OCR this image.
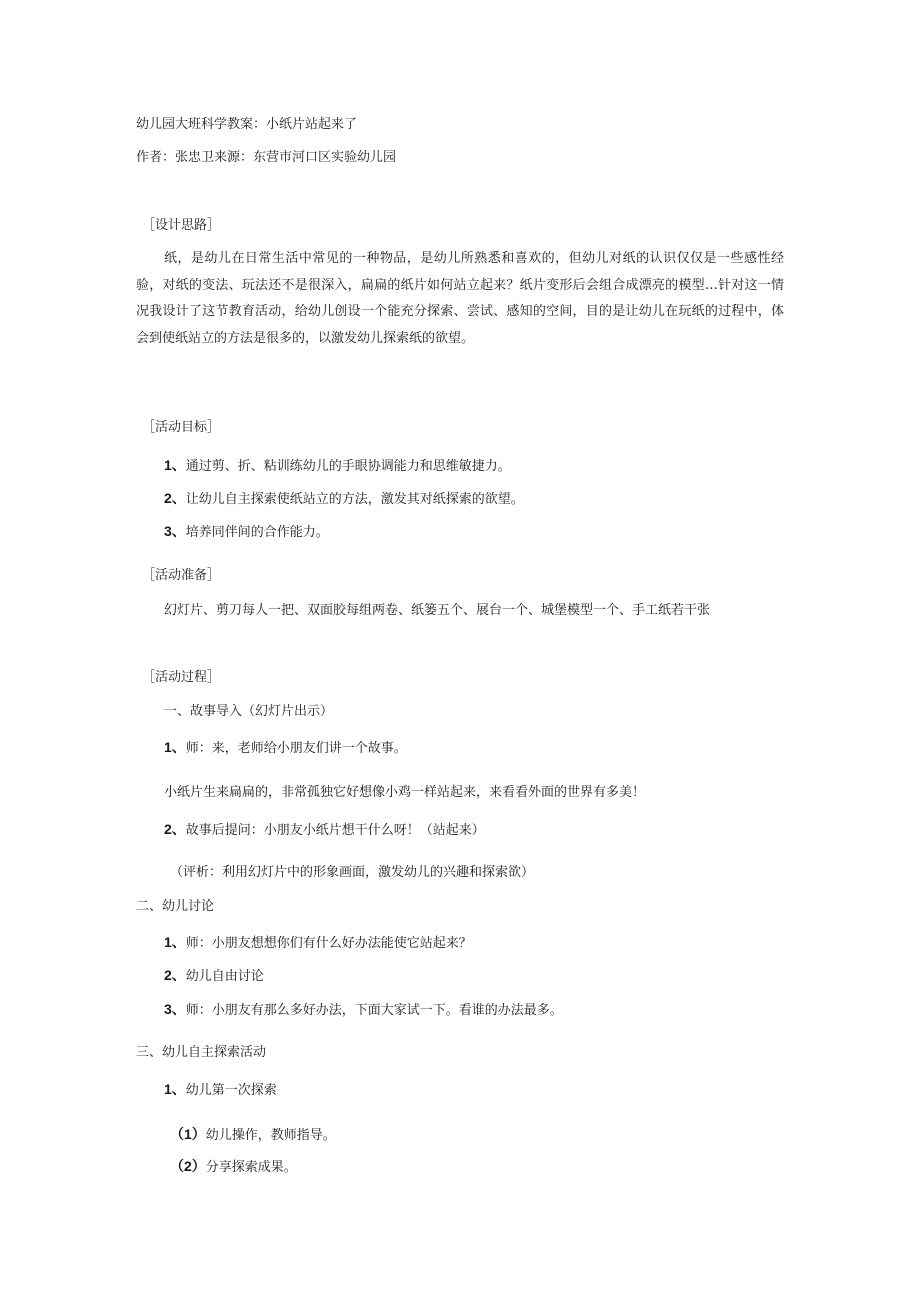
幼儿园大班科学教案：小纸片站起来了
作者：张忠卫来源：东营市河口区实验幼儿园
［设计思路］
纸，是幼儿在日常生活中常见的一种物品，是幼儿所熟悉和喜欢的，但幼儿对纸的认识仅仅是一些感性经验，对纸的变法、玩法还不是很深入，扁扁的纸片如何站立起来？纸片变形后会组合成漂亮的模型…针对这一情况我设计了这节教育活动，给幼儿创设一个能充分探索、尝试、感知的空间，目的是让幼儿在玩纸的过程中，体会到使纸站立的方法是很多的，以激发幼儿探索纸的欲望。
［活动目标］
1、通过剪、折、粘训练幼儿的手眼协调能力和思维敏捷力。
2、让幼儿自主探索使纸站立的方法，激发其对纸探索的欲望。
3、培养同伴间的合作能力。
［活动准备］
幻灯片、剪刀每人一把、双面胶每组两卷、纸篓五个、展台一个、城堡模型一个、手工纸若干张
［活动过程］
一、故事导入（幻灯片出示）
1、师：来，老师给小朋友们讲一个故事。
小纸片生来扁扁的，非常孤独它好想像小鸡一样站起来，来看看外面的世界有多美！
2、故事后提问：小朋友小纸片想干什么呀！（站起来）
（评析：利用幻灯片中的形象画面，激发幼儿的兴趣和探索欲）
二、幼儿讨论
1、师：小朋友想想你们有什么好办法能使它站起来？
2、幼儿自由讨论
3、师：小朋友有那么多好办法，下面大家试一下。看谁的办法最多。
三、幼儿自主探索活动
1、幼儿第一次探索
（1）幼儿操作，教师指导。
（2）分享探索成果。
